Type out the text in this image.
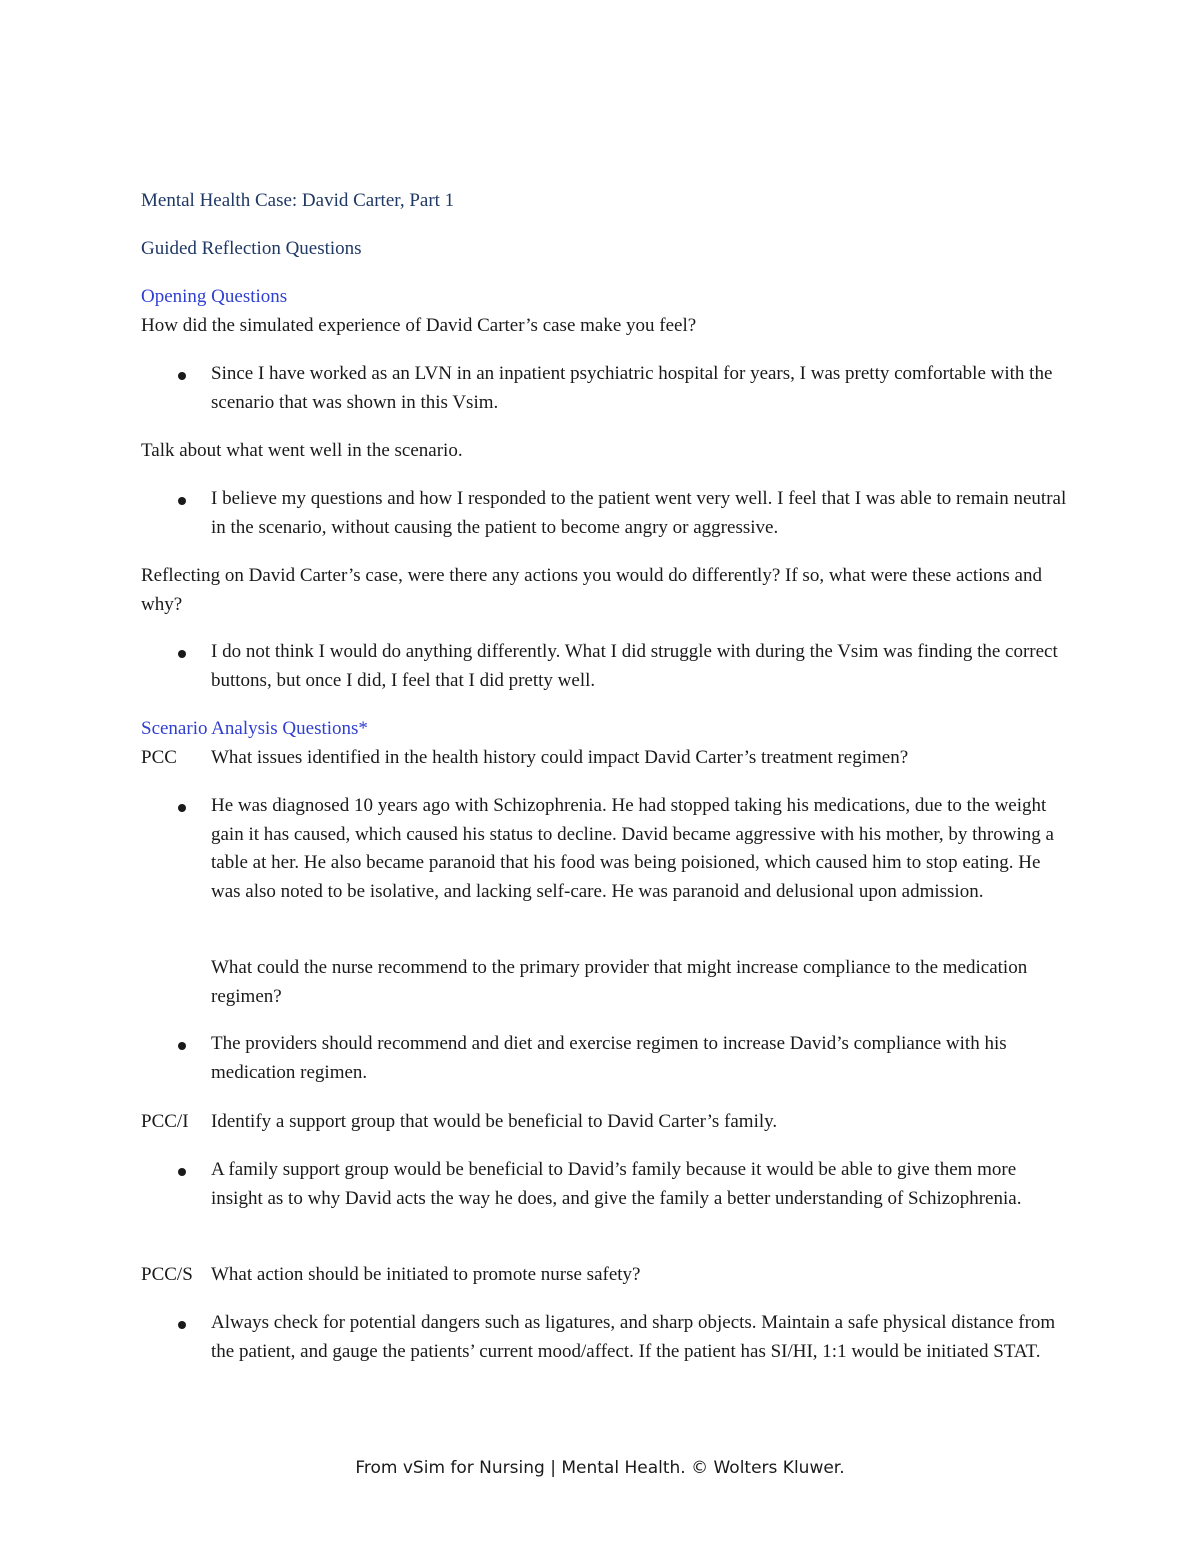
Mental Health Case: David Carter, Part 1
Guided Reflection Questions
Opening Questions
How did the simulated experience of David Carter’s case make you feel?
Since I have worked as an LVN in an inpatient psychiatric hospital for years, I was pretty comfortable with the scenario that was shown in this Vsim.
Talk about what went well in the scenario.
I believe my questions and how I responded to the patient went very well. I feel that I was able to remain neutral in the scenario, without causing the patient to become angry or aggressive.
Reflecting on David Carter’s case, were there any actions you would do differently? If so, what were these actions and why?
I do not think I would do anything differently. What I did struggle with during the Vsim was finding the correct buttons, but once I did, I feel that I did pretty well.
Scenario Analysis Questions*
PCC What issues identified in the health history could impact David Carter’s treatment regimen?
He was diagnosed 10 years ago with Schizophrenia. He had stopped taking his medications, due to the weight gain it has caused, which caused his status to decline. David became aggressive with his mother, by throwing a table at her. He also became paranoid that his food was being poisioned, which caused him to stop eating. He was also noted to be isolative, and lacking self-care. He was paranoid and delusional upon admission.
What could the nurse recommend to the primary provider that might increase compliance to the medication regimen?
The providers should recommend and diet and exercise regimen to increase David’s compliance with his medication regimen.
PCC/I Identify a support group that would be beneficial to David Carter’s family.
A family support group would be beneficial to David’s family because it would be able to give them more insight as to why David acts the way he does, and give the family a better understanding of Schizophrenia.
PCC/S What action should be initiated to promote nurse safety?
Always check for potential dangers such as ligatures, and sharp objects. Maintain a safe physical distance from the patient, and gauge the patients’ current mood/affect. If the patient has SI/HI, 1:1 would be initiated STAT.
From vSim for Nursing | Mental Health. © Wolters Kluwer.
